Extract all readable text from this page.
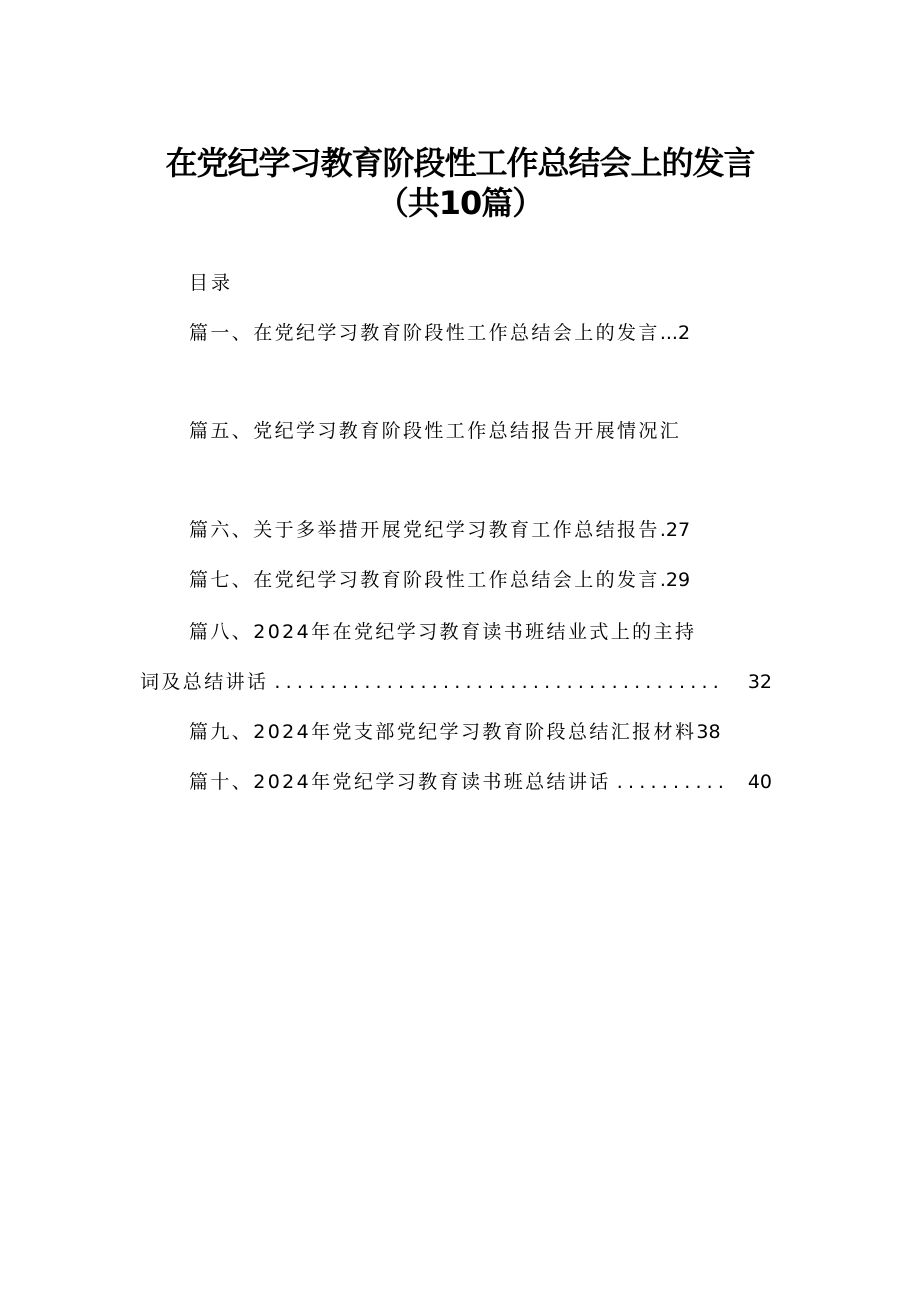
在党纪学习教育阶段性工作总结会上的发言
（共10篇）
目录
篇一、在党纪学习教育阶段性工作总结会上的发言...2
篇五、党纪学习教育阶段性工作总结报告开展情况汇
篇六、关于多举措开展党纪学习教育工作总结报告.27
篇七、在党纪学习教育阶段性工作总结会上的发言.29
篇八、2024年在党纪学习教育读书班结业式上的主持
词及总结讲话 ........................................	32
篇九、2024年党支部党纪学习教育阶段总结汇报材料38
篇十、2024年党纪学习教育读书班总结讲话 .......... 40
